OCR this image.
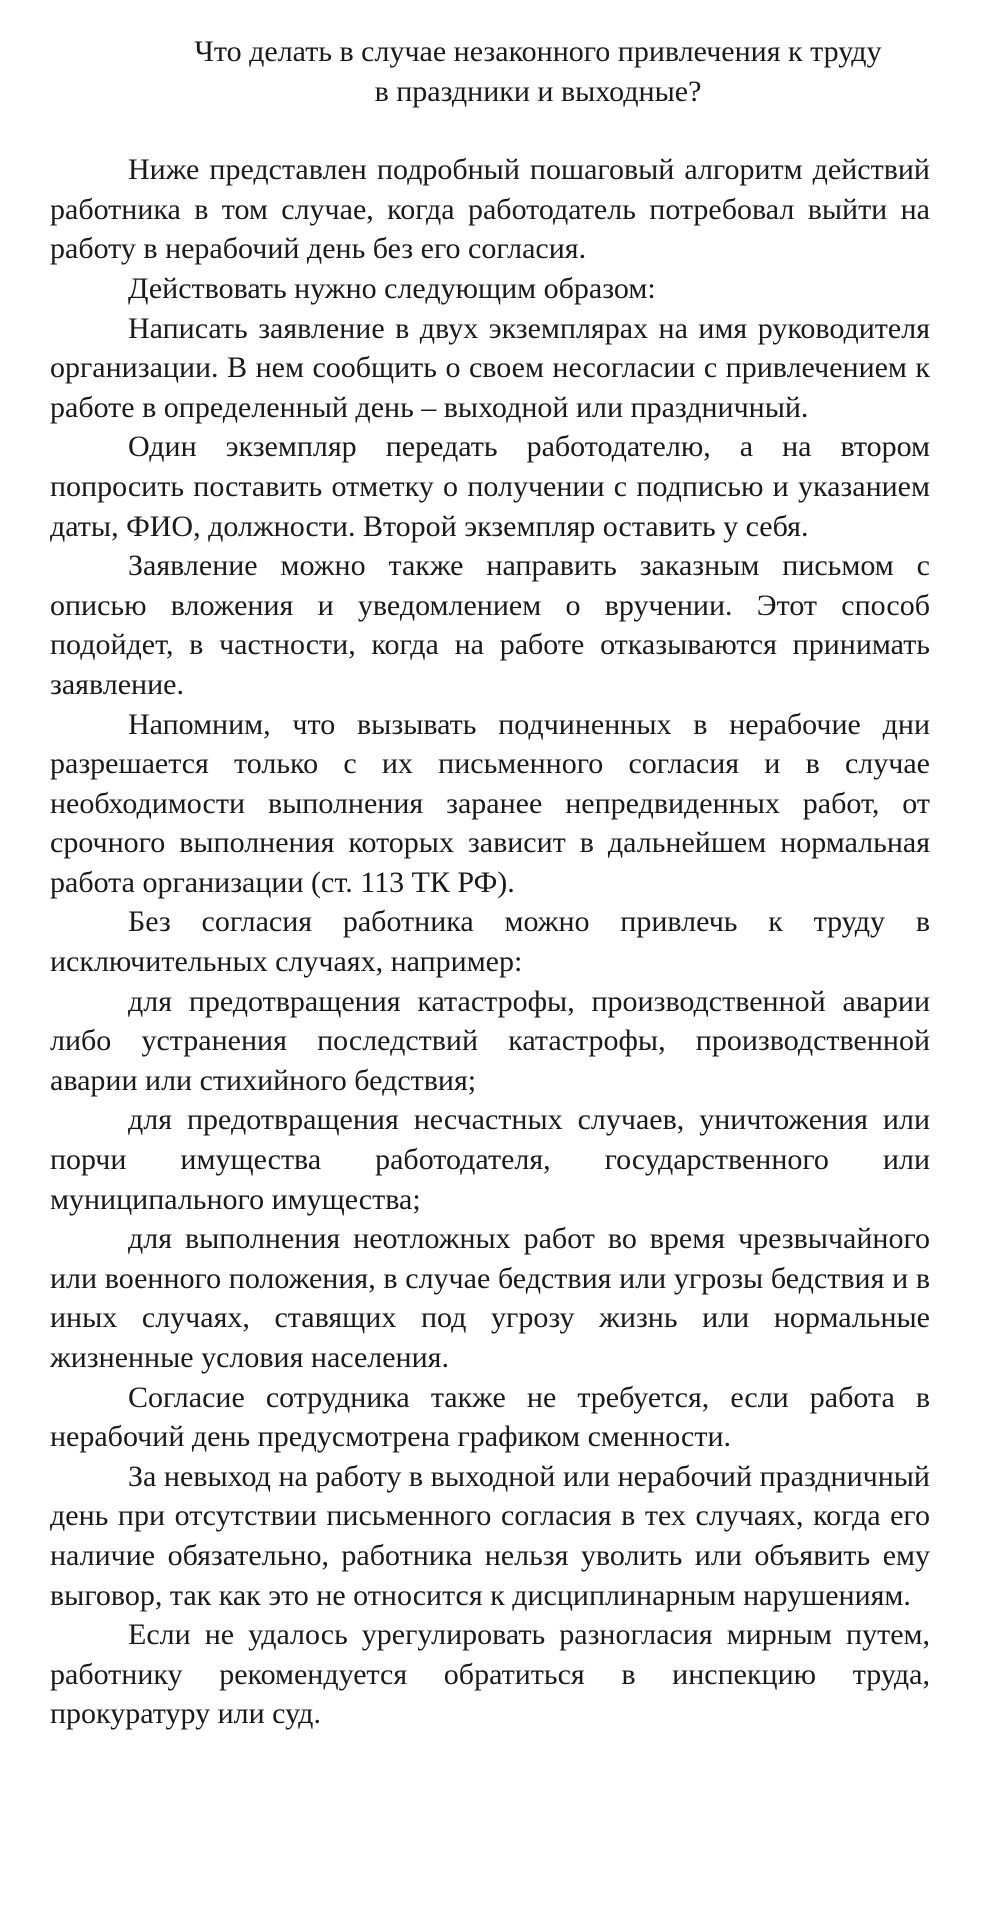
Что делать в случае незаконного привлечения к труду
в праздники и выходные?

Ниже представлен подробный пошаговый алгоритм действий работника в том случае, когда работодатель потребовал выйти на работу в нерабочий день без его согласия.

Действовать нужно следующим образом:

Написать заявление в двух экземплярах на имя руководителя организации. В нем сообщить о своем несогласии с привлечением к работе в определенный день – выходной или праздничный.

Один экземпляр передать работодателю, а на втором попросить поставить отметку о получении с подписью и указанием даты, ФИО, должности. Второй экземпляр оставить у себя.

Заявление можно также направить заказным письмом с описью вложения и уведомлением о вручении. Этот способ подойдет, в частности, когда на работе отказываются принимать заявление.

Напомним, что вызывать подчиненных в нерабочие дни разрешается только с их письменного согласия и в случае необходимости выполнения заранее непредвиденных работ, от срочного выполнения которых зависит в дальнейшем нормальная работа организации (ст. 113 ТК РФ).

Без согласия работника можно привлечь к труду в исключительных случаях, например:

для предотвращения катастрофы, производственной аварии либо устранения последствий катастрофы, производственной аварии или стихийного бедствия;

для предотвращения несчастных случаев, уничтожения или порчи имущества работодателя, государственного или муниципального имущества;

для выполнения неотложных работ во время чрезвычайного или военного положения, в случае бедствия или угрозы бедствия и в иных случаях, ставящих под угрозу жизнь или нормальные жизненные условия населения.

Согласие сотрудника также не требуется, если работа в нерабочий день предусмотрена графиком сменности.

За невыход на работу в выходной или нерабочий праздничный день при отсутствии письменного согласия в тех случаях, когда его наличие обязательно, работника нельзя уволить или объявить ему выговор, так как это не относится к дисциплинарным нарушениям.

Если не удалось урегулировать разногласия мирным путем, работнику рекомендуется обратиться в инспекцию труда, прокуратуру или суд.
